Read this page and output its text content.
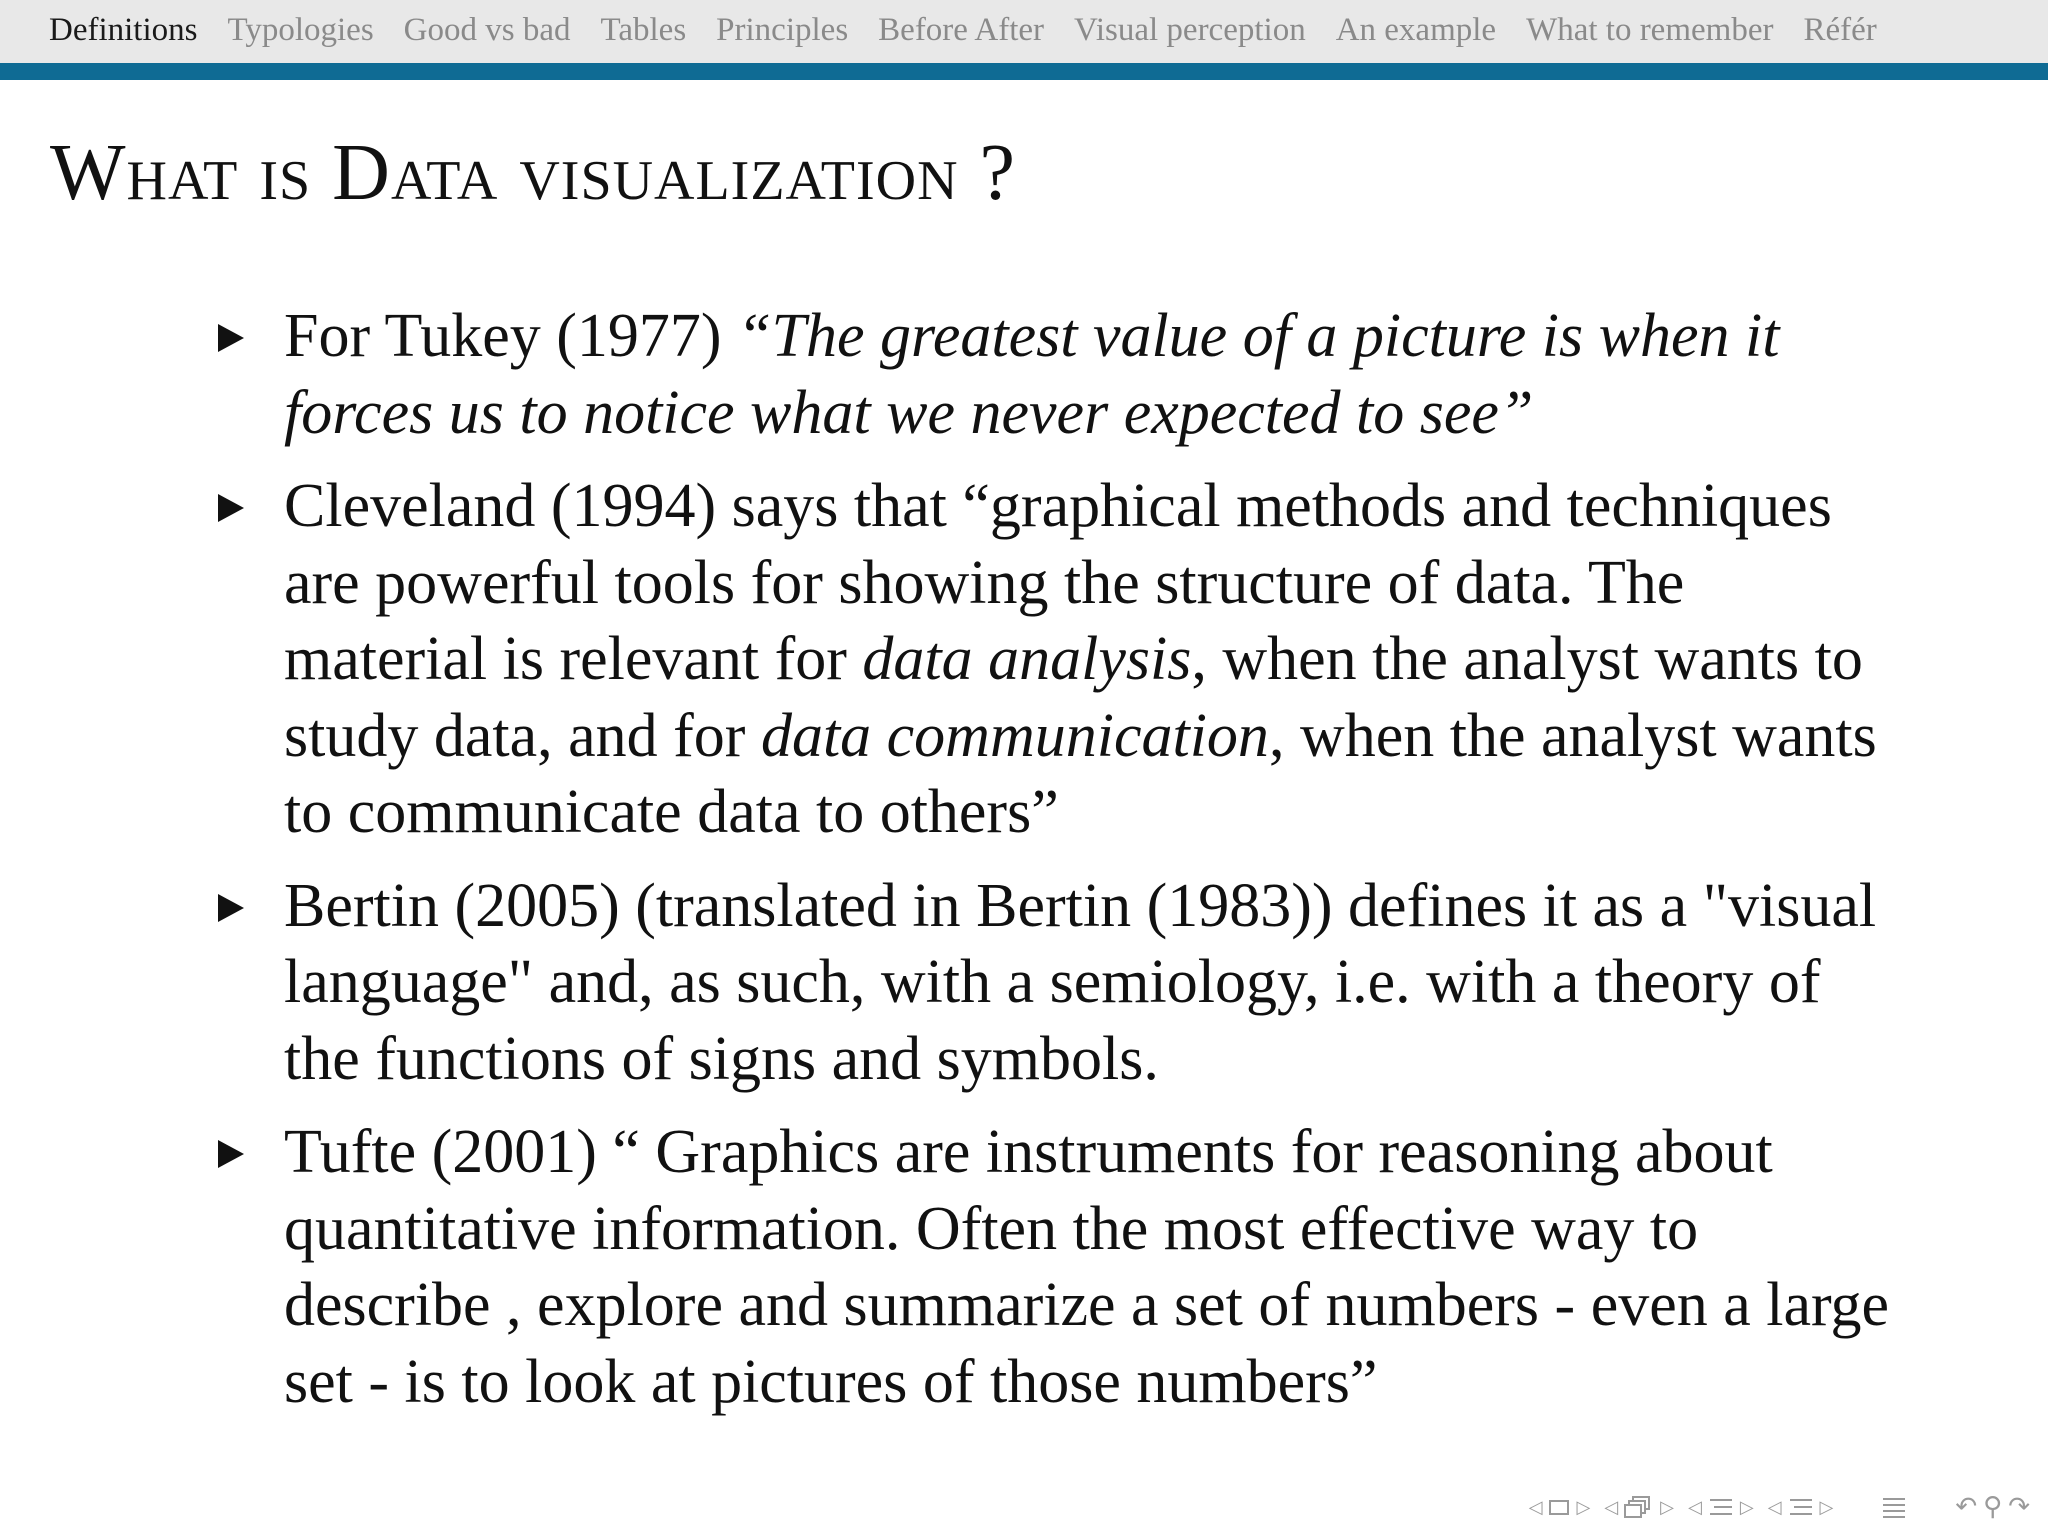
Definitions Typologies Good vs bad Tables Principles Before After Visual perception An example What to remember Référ
What is Data visualization ?
For Tukey (1977) “The greatest value of a picture is when it forces us to notice what we never expected to see”
Cleveland (1994) says that “graphical methods and techniques are powerful tools for showing the structure of data. The material is relevant for data analysis, when the analyst wants to study data, and for data communication, when the analyst wants to communicate data to others”
Bertin (2005) (translated in Bertin (1983)) defines it as a "visual language" and, as such, with a semiology, i.e. with a theory of the functions of signs and symbols.
Tufte (2001) “ Graphics are instruments for reasoning about quantitative information. Often the most effective way to describe , explore and summarize a set of numbers - even a large set - is to look at pictures of those numbers”
◁ ▷ ◁ ▷ ◁ ▷ ◁ ▷	↶ ⚲ ↷
